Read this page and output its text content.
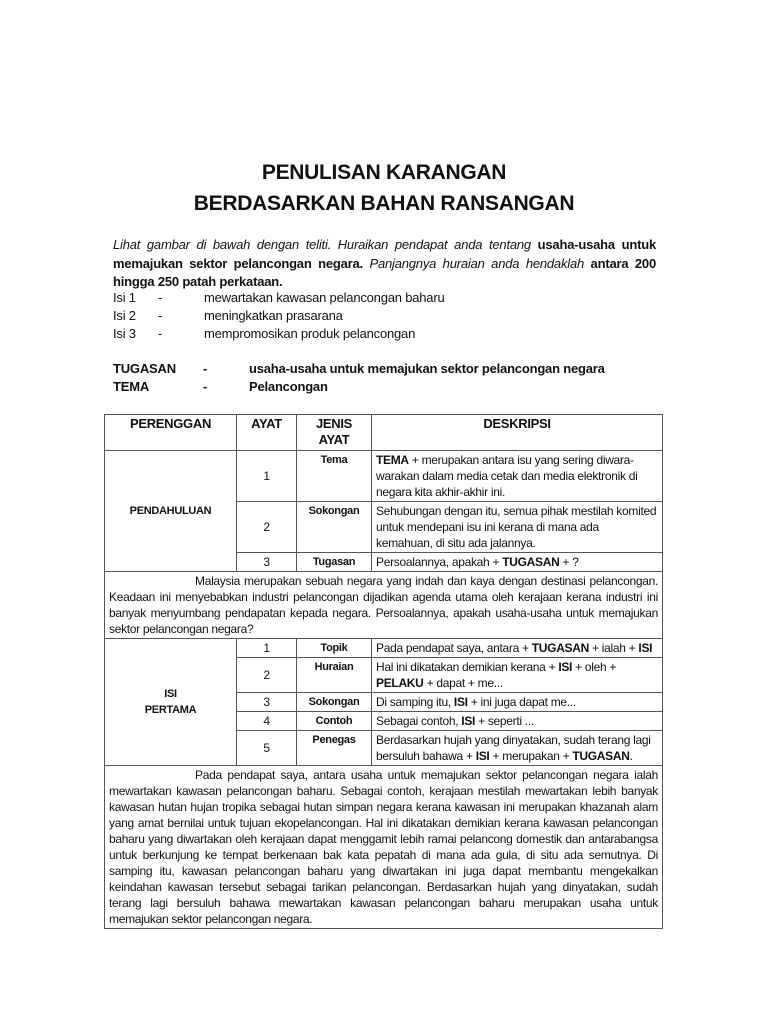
PENULISAN KARANGAN
BERDASARKAN BAHAN RANSANGAN
Lihat gambar di bawah dengan teliti. Huraikan pendapat anda tentang usaha-usaha untuk memajukan sektor pelancongan negara. Panjangnya huraian anda hendaklah antara 200 hingga 250 patah perkataan.
Isi 1 -	mewartakan kawasan pelancongan baharu
Isi 2 -	meningkatkan prasarana
Isi 3 -	mempromosikan produk pelancongan
TUGASAN -	usaha-usaha untuk memajukan sektor pelancongan negara
TEMA	-	Pelancongan
PERENGGAN	AYAT	JENIS AYAT	DESKRIPSI
PENDAHULUAN	1	Tema	TEMA + merupakan antara isu yang sering diwara-warakan dalam media cetak dan media elektronik di negara kita akhir-akhir ini.
	2	Sokongan	Sehubungan dengan itu, semua pihak mestilah komited untuk mendepani isu ini kerana di mana ada kemahuan, di situ ada jalannya.
	3	Tugasan	Persoalannya, apakah + TUGASAN + ?
Malaysia merupakan sebuah negara yang indah dan kaya dengan destinasi pelancongan. Keadaan ini menyebabkan industri pelancongan dijadikan agenda utama oleh kerajaan kerana industri ini banyak menyumbang pendapatan kepada negara. Persoalannya, apakah usaha-usaha untuk memajukan sektor pelancongan negara?			
ISI
PERTAMA	1	Topik	Pada pendapat saya, antara + TUGASAN + ialah + ISI
	2	Huraian	Hal ini dikatakan demikian kerana + ISI + oleh + PELAKU + dapat + me...
	3	Sokongan	Di samping itu, ISI + ini juga dapat me...
	4	Contoh	Sebagai contoh, ISI + seperti ...
	5	Penegas	Berdasarkan hujah yang dinyatakan, sudah terang lagi bersuluh bahawa + ISI + merupakan + TUGASAN.
Pada pendapat saya, antara usaha untuk memajukan sektor pelancongan negara ialah mewartakan kawasan pelancongan baharu. Sebagai contoh, kerajaan mestilah mewartakan lebih banyak kawasan hutan hujan tropika sebagai hutan simpan negara kerana kawasan ini merupakan khazanah alam yang amat bernilai untuk tujuan ekopelancongan. Hal ini dikatakan demikian kerana kawasan pelancongan baharu yang diwartakan oleh kerajaan dapat menggamit lebih ramai pelancong domestik dan antarabangsa untuk berkunjung ke tempat berkenaan bak kata pepatah di mana ada gula, di situ ada semutnya. Di samping itu, kawasan pelancongan baharu yang diwartakan ini juga dapat membantu mengekalkan keindahan kawasan tersebut sebagai tarikan pelancongan. Berdasarkan hujah yang dinyatakan, sudah terang lagi bersuluh bahawa mewartakan kawasan pelancongan baharu merupakan usaha untuk memajukan sektor pelancongan negara.			
